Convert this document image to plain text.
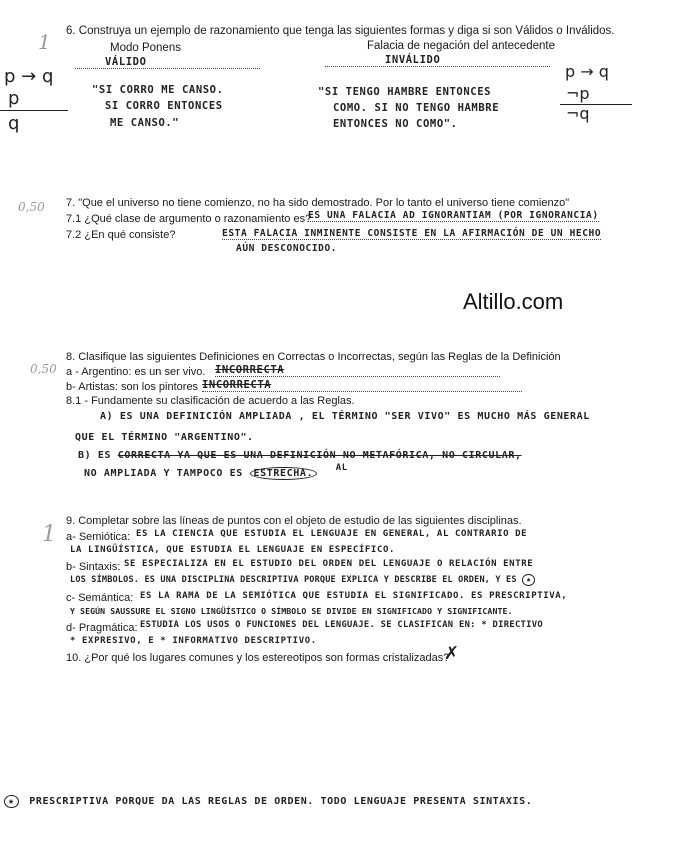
Altillo.com
1 6. Construya un ejemplo de razonamiento que tenga las siguientes formas y diga si son Válidos o Inválidos.
Modo Ponens	Falacia de negación del antecedente
VÁLIDO	INVÁLIDO
p → q
p
q
"SI CORRO ME CANSO.
SI CORRO ENTONCES
ME CANSO."
"SI TENGO HAMBRE ENTONCES
COMO. SI NO TENGO HAMBRE
ENTONCES NO COMO".
p → q
¬p
¬q
0,50 7. "Que el universo no tiene comienzo, no ha sido demostrado. Por lo tanto el universo tiene comienzo"
7.1 ¿Qué clase de argumento o razonamiento es?
ES UNA FALACIA AD IGNORANTIAM (POR IGNORANCIA)
7.2 ¿En qué consiste?	ESTA FALACIA INMINENTE CONSISTE EN LA AFIRMACIÓN DE UN HECHO
AÚN DESCONOCIDO.
0,50
8. Clasifique las siguientes Definiciones en Correctas o Incorrectas, según las Reglas de la Definición
a - Argentino: es un ser vivo. INCORRECTA
b- Artistas: son los pintores INCORRECTA
8.1 - Fundamente su clasificación de acuerdo a las Reglas.
A) ES UNA DEFINICIÓN AMPLIADA , EL TÉRMINO "SER VIVO" ES MUCHO MÁS GENERAL
QUE EL TÉRMINO "ARGENTINO".
B) ES CORRECTA YA QUE ES UNA DEFINICIÓN NO METAFÓRICA, NO CIRCULAR,
NO AMPLIADA Y TAMPOCO ES ESTRECHA.	AL
1
9. Completar sobre las líneas de puntos con el objeto de estudio de las siguientes disciplinas.
a- Semiótica: ES LA CIENCIA QUE ESTUDIA EL LENGUAJE EN GENERAL, AL CONTRARIO DE
LA LINGÜÍSTICA, QUE ESTUDIA EL LENGUAJE EN ESPECÍFICO.
b- Sintaxis: SE ESPECIALIZA EN EL ESTUDIO DEL ORDEN DEL LENGUAJE O RELACIÓN ENTRE
LOS SÍMBOLOS. ES UNA DISCIPLINA DESCRIPTIVA PORQUE EXPLICA Y DESCRIBE EL ORDEN, Y ES ★
c- Semántica: ES LA RAMA DE LA SEMIÓTICA QUE ESTUDIA EL SIGNIFICADO. ES PRESCRIPTIVA,
Y SEGÚN SAUSSURE EL SIGNO LINGÜÍSTICO O SÍMBOLO SE DIVIDE EN SIGNIFICADO Y SIGNIFICANTE.
d- Pragmática: ESTUDIA LOS USOS O FUNCIONES DEL LENGUAJE. SE CLASIFICAN EN: * DIRECTIVO
* EXPRESIVO, E * INFORMATIVO DESCRIPTIVO.
10. ¿Por qué los lugares comunes y los estereotipos son formas cristalizadas?
✗
★ PRESCRIPTIVA PORQUE DA LAS REGLAS DE ORDEN. TODO LENGUAJE PRESENTA SINTAXIS.
